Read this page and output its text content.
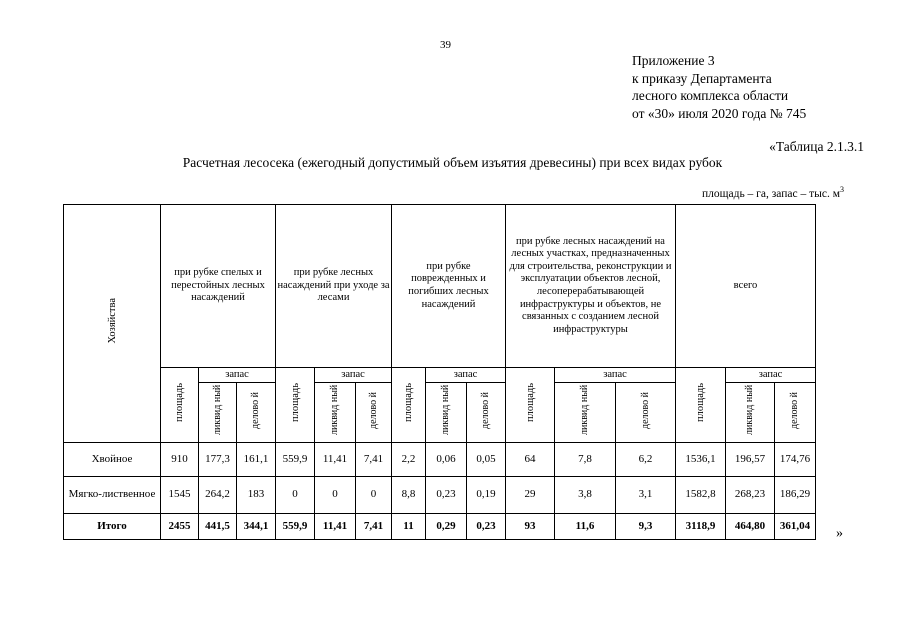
39
Приложение 3
к приказу Департамента
лесного комплекса области
от «30» июля 2020 года № 745
«Таблица 2.1.3.1
Расчетная лесосека (ежегодный допустимый объем изъятия древесины) при всех видах рубок
площадь – га, запас – тыс. $м^3$
Хозяйства	при рубке спелых и перестойных лесных насаждений			при рубке лесных насаждений при уходе за лесами			при рубке поврежденных и погибших лесных насаждений			при рубке лесных насаждений на лесных участках, предназначенных для строительства, реконструкции и эксплуатации объектов лесной, лесоперерабатывающей инфраструктуры и объектов, не связанных с созданием лесной инфраструктуры			всего		
	площадь	запас		площадь	запас		площадь	запас		площадь	запас		площадь	запас	
		ликвид ный	делово й		ликвид ный	делово й		ликвид ный	делово й		ликвид ный	делово й		ликвид ный	делово й
Хвойное	910	177,3	161,1	559,9	11,41	7,41	2,2	0,06	0,05	64	7,8	6,2	1536,1	196,57	174,76
Мягко-лиственное	1545	264,2	183	0	0	0	8,8	0,23	0,19	29	3,8	3,1	1582,8	268,23	186,29
Итого	2455	441,5	344,1	559,9	11,41	7,41	11	0,29	0,23	93	11,6	9,3	3118,9	464,80	361,04
»
